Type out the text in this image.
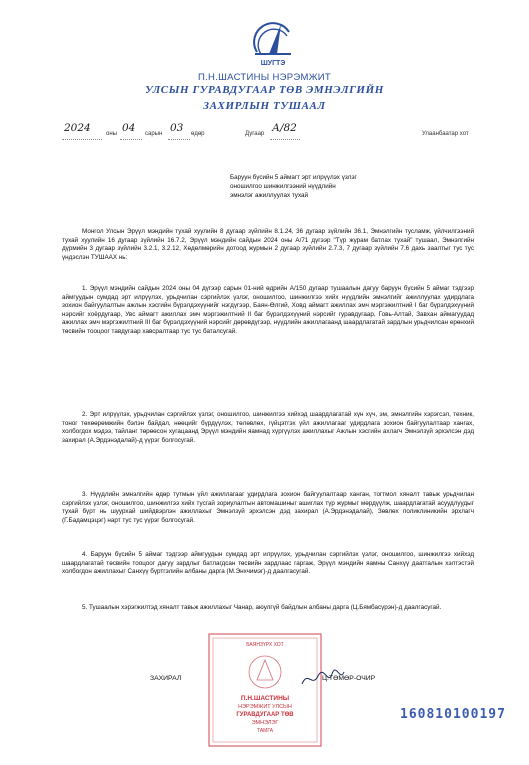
ШУГТЭ
П.Н.ШАСТИНЫ НЭРЭМЖИТ
УЛСЫН ГУРАВДУГААР ТӨВ ЭМНЭЛГИЙН
ЗАХИРЛЫН ТУШААЛ
2024	оны 04 сарын 03 өдөр	Дугаар А/82	Улаанбаатар хот
Баруун бүсийн 5 аймагт эрт илрүүлэх үзлэг
оношилгоо шинжилгээний нүүдлийн
эмнэлэг ажиллуулах тухай
Монгол Улсын Эрүүл мэндийн тухай хуулийн 8 дугаар зүйлийн 8.1.24, 36 дугаар зүйлийн 36.1, Эмнэлгийн тусламж, үйлчилгээний тухай хуулийн 16 дугаар зүйлийн 16.7.2, Эрүүл мэндийн сайдын 2024 оны А/71 дүгээр "Түр журам батлах тухай" тушаал, Эмнэлгийн дүрмийн 3 дугаар зүйлийн 3.2.1, 3.2.12, Хөдөлмөрийн дотоод журмын 2 дугаар зүйлийн 2.7.3, 7 дугаар зүйлийн 7.6 дахь заалтыг тус тус үндэслэн ТУШААХ нь:
1. Эрүүл мэндийн сайдын 2024 оны 04 дүгээр сарын 01-ний өдрийн А/150 дугаар тушаалын дагуу баруун бүсийн 5 аймаг тэдгээр аймгуудын сумдад эрт илрүүлэх, урьдчилан сэргийлэх үзлэг, оношилгоо, шинжилгээ хийх нүүдлийн эмнэлгийг ажиллуулах удирдлага зохион байгуулалтын ажлын хэсгийн бүрэлдэхүүнийг нэгдүгээр, Баян-Өлгий, Ховд аймагт ажиллах эмч мэргэжилтний I баг бүрэлдэхүүний нэрсийг хоёрдугаар, Увс аймагт ажиллах эмч мэргэжилтний II баг бүрэлдэхүүний нэрсийг гуравдугаар, Говь-Алтай, Завхан аймагуудад ажиллах эмч мэргэжилтний III баг бүрэлдэхүүний нэрсийг дөрөвдүгээр, нүүдлийн ажиллагаанд шаардлагатай зардлын урьдчилсан ерөнхий төсвийн тооцоог тавдугаар хавсралтаар тус тус баталсугай.
2. Эрт илрүүлэх, урьдчилан сэргийлэх үзлэг, оношилгоо, шинжилгээ хийхэд шаардлагатай хүн хүч, эм, эмнэлгийн хэрэгсэл, техник, тоног төхөөрөмжийн бэлэн байдал, нөөцийг бүрдүүлэх, төлөвлөх, гүйцэтгэх үйл ажиллагааг удирдлага зохион байгуулалтаар хангах, холбогдох мэдээ, тайланг төрөөсон хугацаанд Эрүүл мэндийн яамнад хүргүүлэх ажиллахыг Ажлын хэсгийн ахлагч Эмнэлзүй эрхэлсэн дэд захирал (А.Эрдэнэдалай)-д үүрэг болгосугай.
3. Нүүдлийн эмнэлгийн өдөр тутмын үйл ажиллагааг удирдлага зохион байгуулалтаар ханган, тогтмол хяналт тавьж урьдчилан сэргийлэх үзлэг, оношилгоо, шинжилгээ хийх тусгай зориулалтын автомашиныг ашиглах түр журмыг мөрдүүлж, шаардлагатай асуудлуудыг тухай бүрт нь шуурхай шийдвэрлэн ажиллахыг Эмнэлзүй эрхэлсэн дэд захирал (А.Эрдэнэдалай), Зөвлөх поликлиникийн эрхлагч (Г.Бадамцэцэг) нарт тус тус үүрэг болгосугай.
4. Баруун бүсийн 5 аймаг тэдгээр аймгуудын сумдад эрт илрүүлэх, урьдчилан сэргийлэх үзлэг, оношилгоо, шинжилгээ хийхэд шаардлагатай төсвийн тооцоог дагуу зардлыг батлагдсан төсвийн зардлаас гаргаж, Эрүүл мэндийн яамны Санхүү даатгалын хэлтэстэй холбогдон ажиллахыг Санхүү бүртгэлийн албаны дарга (М.Энхчимэг)-д даалгасугай.
5. Тушаалын хэрэгжилтэд хяналт тавьж ажиллахыг Чанар, аюулгүй байдлын албаны дарга (Ц.Бямбасүрэн)-д даалгасугай.
БАЯНЗҮРХ ХОТ
П.Н.ШАСТИНЫ
НЭРЭМЖИТ УЛСЫН
ГУРАВДУГААР ТӨВ
ЭМНЭЛЭГ
ТАМГА
ЗАХИРАЛ	Ц.ТӨМӨР-ОЧИР
160810100197
